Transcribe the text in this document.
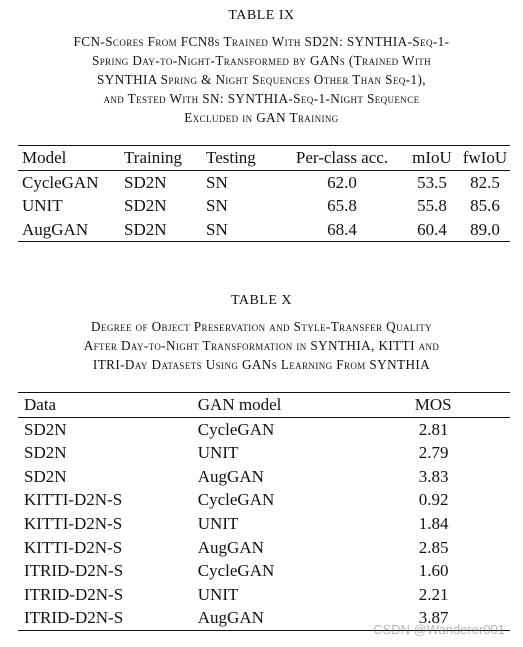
TABLE IX
FCN-Scores From FCN8s Trained With SD2N: SYNTHIA-Seq-1-
Spring Day-to-Night-Transformed by GANs (Trained With
SYNTHIA Spring & Night Sequences Other Than Seq-1),
and Tested With SN: SYNTHIA-Seq-1-Night Sequence
Excluded in GAN Training
Model	Training	Testing	Per-class acc.	mIoU	fwIoU
CycleGAN	SD2N	SN	62.0	53.5	82.5
UNIT	SD2N	SN	65.8	55.8	85.6
AugGAN	SD2N	SN	68.4	60.4	89.0
TABLE X
Degree of Object Preservation and Style-Transfer Quality
After Day-to-Night Transformation in SYNTHIA, KITTI and
ITRI-Day Datasets Using GANs Learning From SYNTHIA
Data	GAN model	MOS
SD2N	CycleGAN	2.81
SD2N	UNIT	2.79
SD2N	AugGAN	3.83
KITTI-D2N-S	CycleGAN	0.92
KITTI-D2N-S	UNIT	1.84
KITTI-D2N-S	AugGAN	2.85
ITRID-D2N-S	CycleGAN	1.60
ITRID-D2N-S	UNIT	2.21
ITRID-D2N-S	AugGAN	3.87
CSDN @Wanderer001
